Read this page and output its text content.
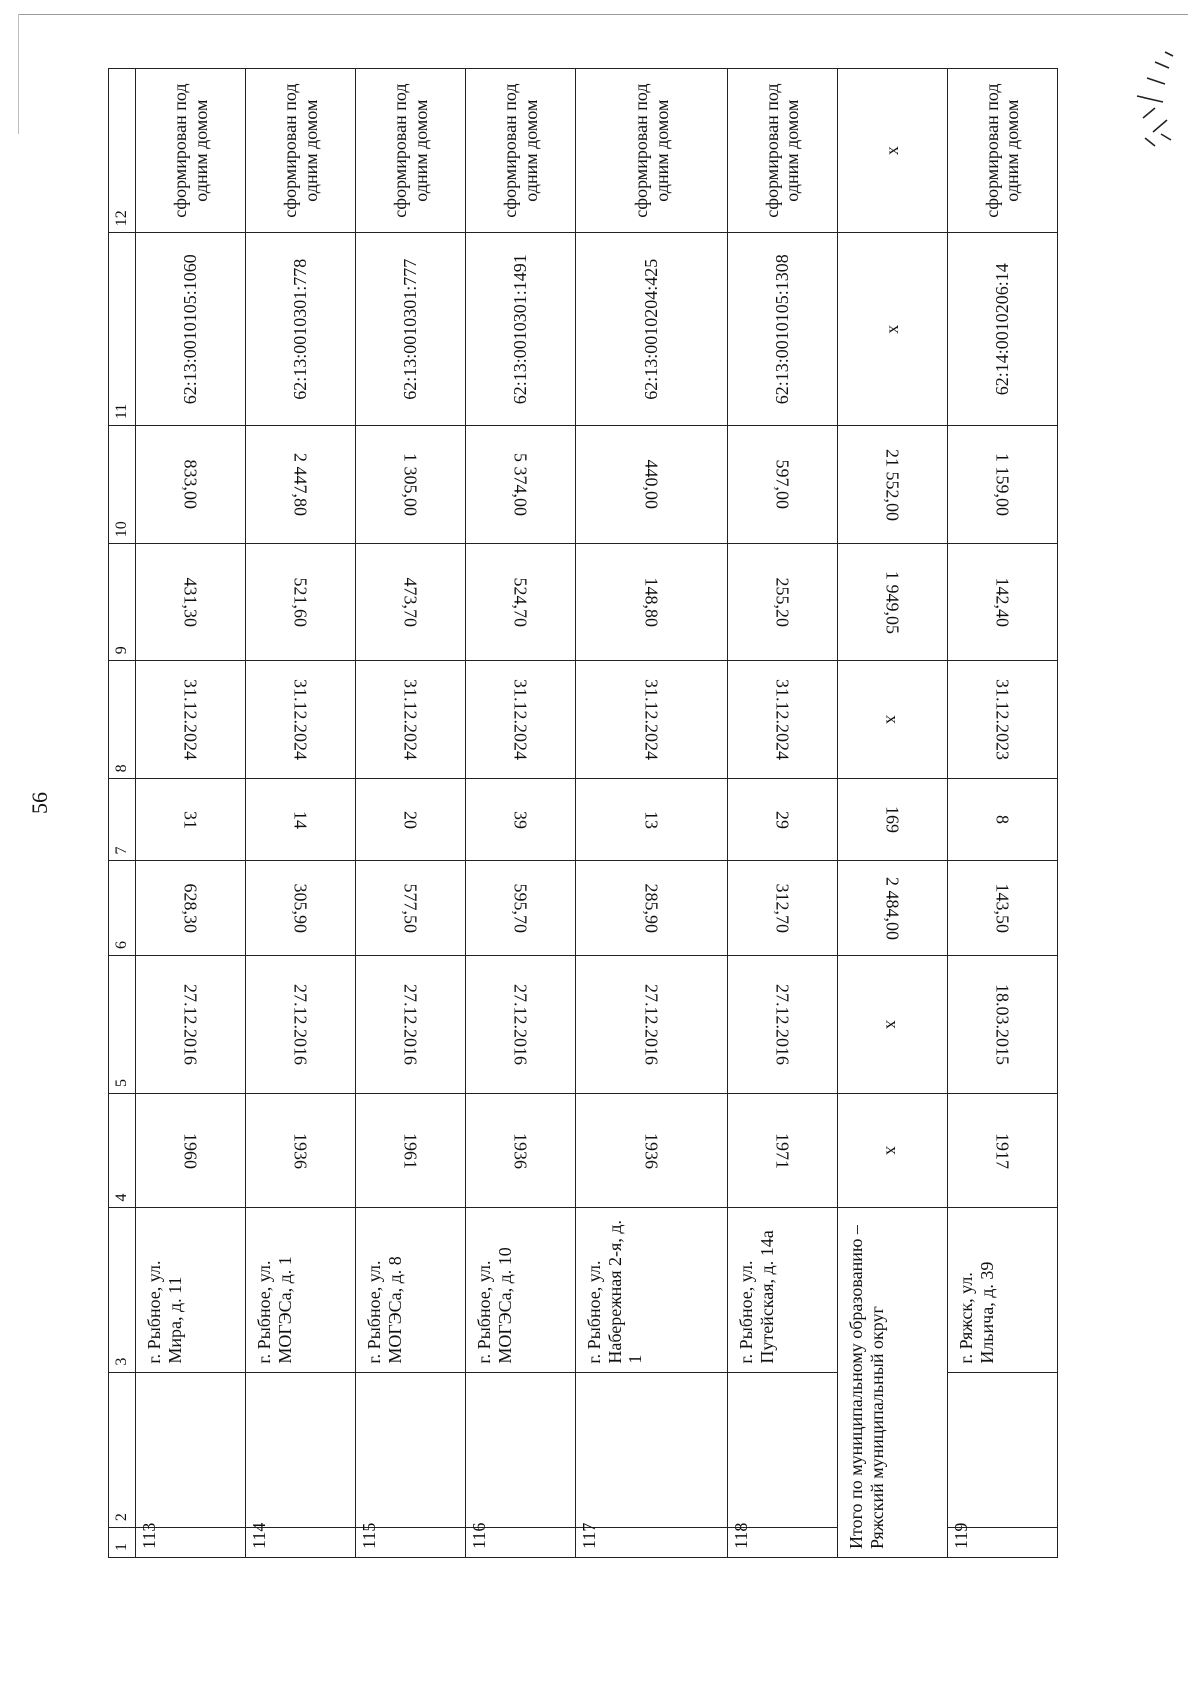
56
1	2	3	4	5	6	7	8	9	10	11	12
113		г. Рыбное, ул. Мира, д. 11	1960	27.12.2016	628,30	31	31.12.2024	431,30	833,00	62:13:0010105:1060	сформирован под одним домом
114		г. Рыбное, ул. МОГЭСа, д. 1	1936	27.12.2016	305,90	14	31.12.2024	521,60	2 447,80	62:13:0010301:778	сформирован под одним домом
115		г. Рыбное, ул. МОГЭСа, д. 8	1961	27.12.2016	577,50	20	31.12.2024	473,70	1 305,00	62:13:0010301:777	сформирован под одним домом
116		г. Рыбное, ул. МОГЭСа, д. 10	1936	27.12.2016	595,70	39	31.12.2024	524,70	5 374,00	62:13:0010301:1491	сформирован под одним домом
117		г. Рыбное, ул. Набережная 2-я, д. 1	1936	27.12.2016	285,90	13	31.12.2024	148,80	440,00	62:13:0010204:425	сформирован под одним домом
118		г. Рыбное, ул. Путейская, д. 14а	1971	27.12.2016	312,70	29	31.12.2024	255,20	597,00	62:13:0010105:1308	сформирован под одним домом
Итого по муниципальному образованию – Ряжский муниципальный округ			х	х	2 484,00	169	х	1 949,05	21 552,00	х	х
119		г. Ряжск, ул. Ильича, д. 39	1917	18.03.2015	143,50	8	31.12.2023	142,40	1 159,00	62:14:0010206:14	сформирован под одним домом
